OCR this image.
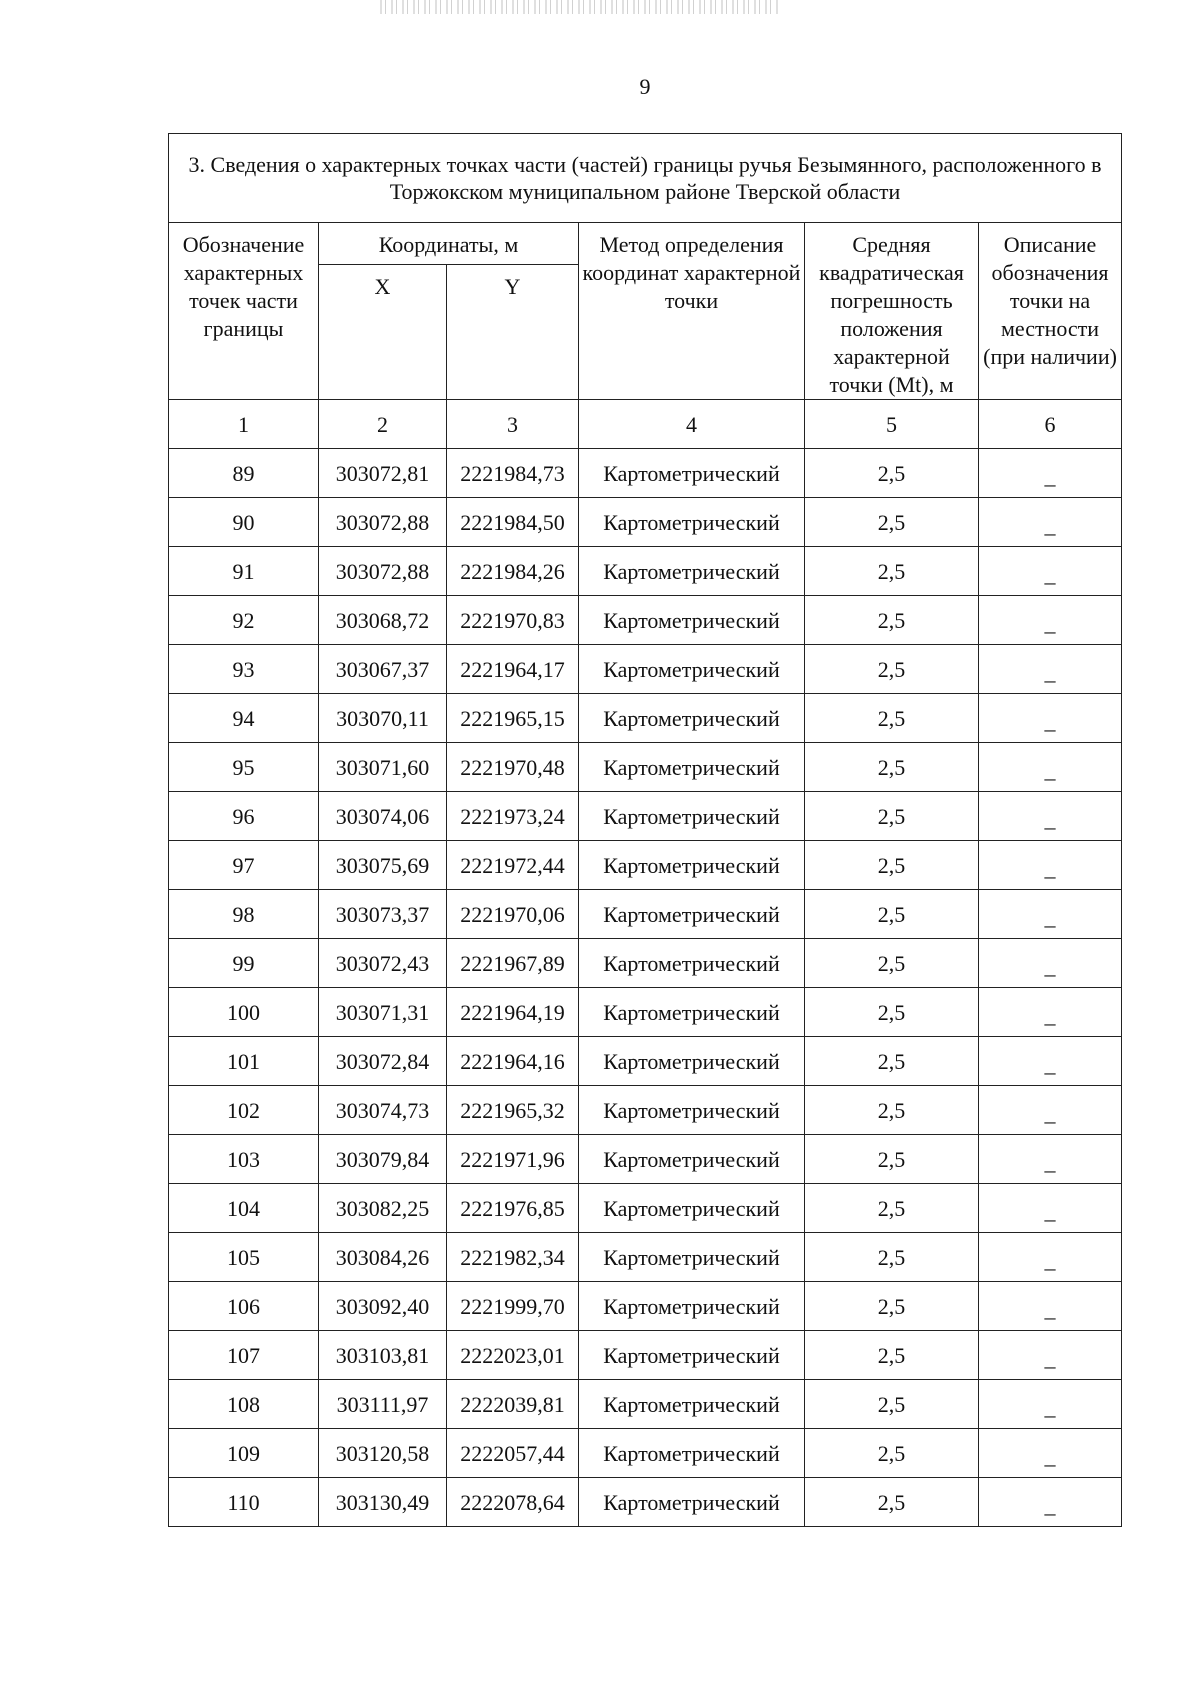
9
3. Сведения о характерных точках части (частей) границы ручья Безымянного, расположенного в Торжокском муниципальном районе Тверской области					
Обозначение характерных точек части границы	Координаты, м		Метод определения координат характерной точки	Средняя квадратическая погрешность положения характерной точки (Mt), м	Описание обозначения точки на местности (при наличии)
	X	Y			
1	2	3	4	5	6
89	303072,81	2221984,73	Картометрический	2,5	–
90	303072,88	2221984,50	Картометрический	2,5	–
91	303072,88	2221984,26	Картометрический	2,5	–
92	303068,72	2221970,83	Картометрический	2,5	–
93	303067,37	2221964,17	Картометрический	2,5	–
94	303070,11	2221965,15	Картометрический	2,5	–
95	303071,60	2221970,48	Картометрический	2,5	–
96	303074,06	2221973,24	Картометрический	2,5	–
97	303075,69	2221972,44	Картометрический	2,5	–
98	303073,37	2221970,06	Картометрический	2,5	–
99	303072,43	2221967,89	Картометрический	2,5	–
100	303071,31	2221964,19	Картометрический	2,5	–
101	303072,84	2221964,16	Картометрический	2,5	–
102	303074,73	2221965,32	Картометрический	2,5	–
103	303079,84	2221971,96	Картометрический	2,5	–
104	303082,25	2221976,85	Картометрический	2,5	–
105	303084,26	2221982,34	Картометрический	2,5	–
106	303092,40	2221999,70	Картометрический	2,5	–
107	303103,81	2222023,01	Картометрический	2,5	–
108	303111,97	2222039,81	Картометрический	2,5	–
109	303120,58	2222057,44	Картометрический	2,5	–
110	303130,49	2222078,64	Картометрический	2,5	–
